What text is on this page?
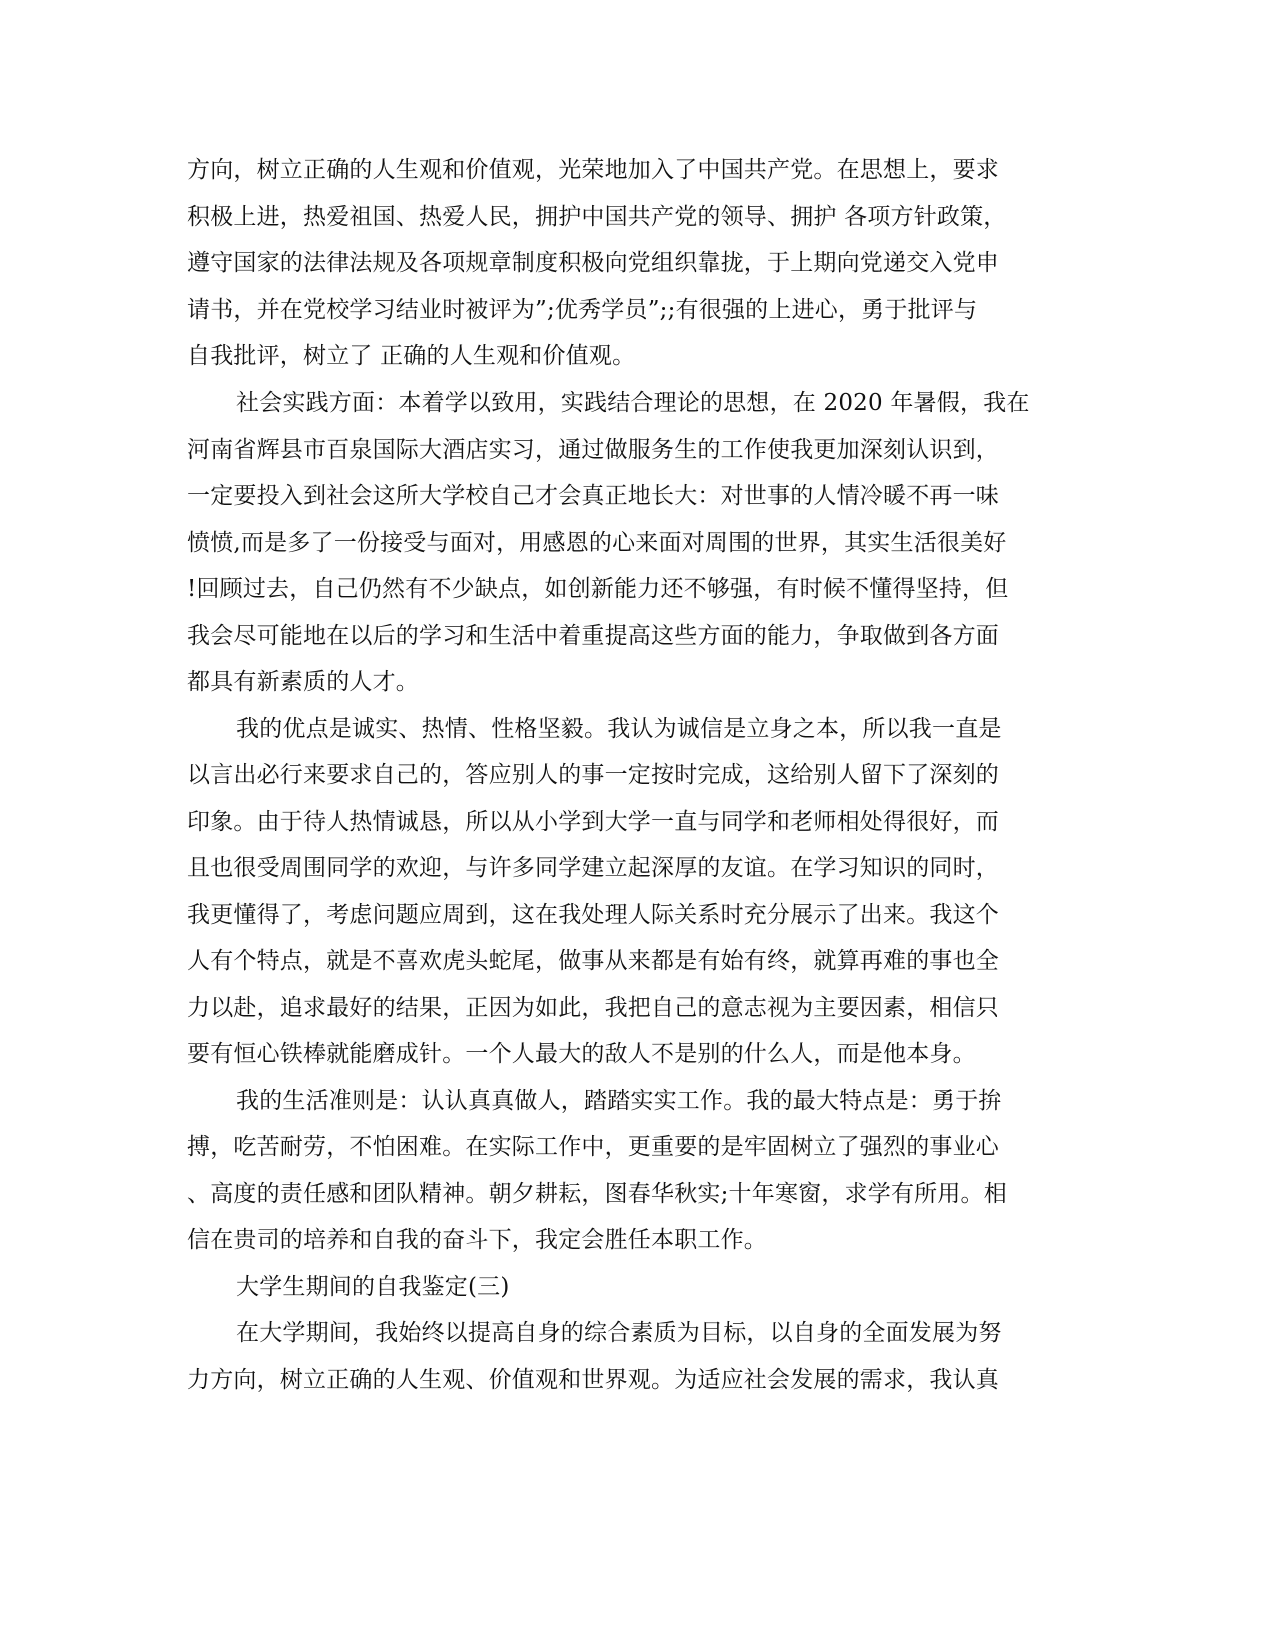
方向，树立正确的人生观和价值观，光荣地加入了中国共产党。在思想上，要求

积极上进，热爱祖国、热爱人民，拥护中国共产党的领导、拥护 各项方针政策，

遵守国家的法律法规及各项规章制度积极向党组织靠拢，于上期向党递交入党申

请书，并在党校学习结业时被评为”;优秀学员”;;有很强的上进心，勇于批评与

自我批评，树立了 正确的人生观和价值观。

社会实践方面：本着学以致用，实践结合理论的思想，在 2020 年暑假，我在

河南省辉县市百泉国际大酒店实习，通过做服务生的工作使我更加深刻认识到，

一定要投入到社会这所大学校自己才会真正地长大：对世事的人情冷暖不再一味

愤愤,而是多了一份接受与面对，用感恩的心来面对周围的世界，其实生活很美好

!回顾过去，自己仍然有不少缺点，如创新能力还不够强，有时候不懂得坚持，但

我会尽可能地在以后的学习和生活中着重提高这些方面的能力，争取做到各方面

都具有新素质的人才。

我的优点是诚实、热情、性格坚毅。我认为诚信是立身之本，所以我一直是

以言出必行来要求自己的，答应别人的事一定按时完成，这给别人留下了深刻的

印象。由于待人热情诚恳，所以从小学到大学一直与同学和老师相处得很好，而

且也很受周围同学的欢迎，与许多同学建立起深厚的友谊。在学习知识的同时，

我更懂得了，考虑问题应周到，这在我处理人际关系时充分展示了出来。我这个

人有个特点，就是不喜欢虎头蛇尾，做事从来都是有始有终，就算再难的事也全

力以赴，追求最好的结果，正因为如此，我把自己的意志视为主要因素，相信只

要有恒心铁棒就能磨成针。一个人最大的敌人不是别的什么人，而是他本身。

我的生活准则是：认认真真做人，踏踏实实工作。我的最大特点是：勇于拚

搏，吃苦耐劳，不怕困难。在实际工作中，更重要的是牢固树立了强烈的事业心

、高度的责任感和团队精神。朝夕耕耘，图春华秋实;十年寒窗，求学有所用。相

信在贵司的培养和自我的奋斗下，我定会胜任本职工作。

大学生期间的自我鉴定(三)

在大学期间，我始终以提高自身的综合素质为目标，以自身的全面发展为努

力方向，树立正确的人生观、价值观和世界观。为适应社会发展的需求，我认真
